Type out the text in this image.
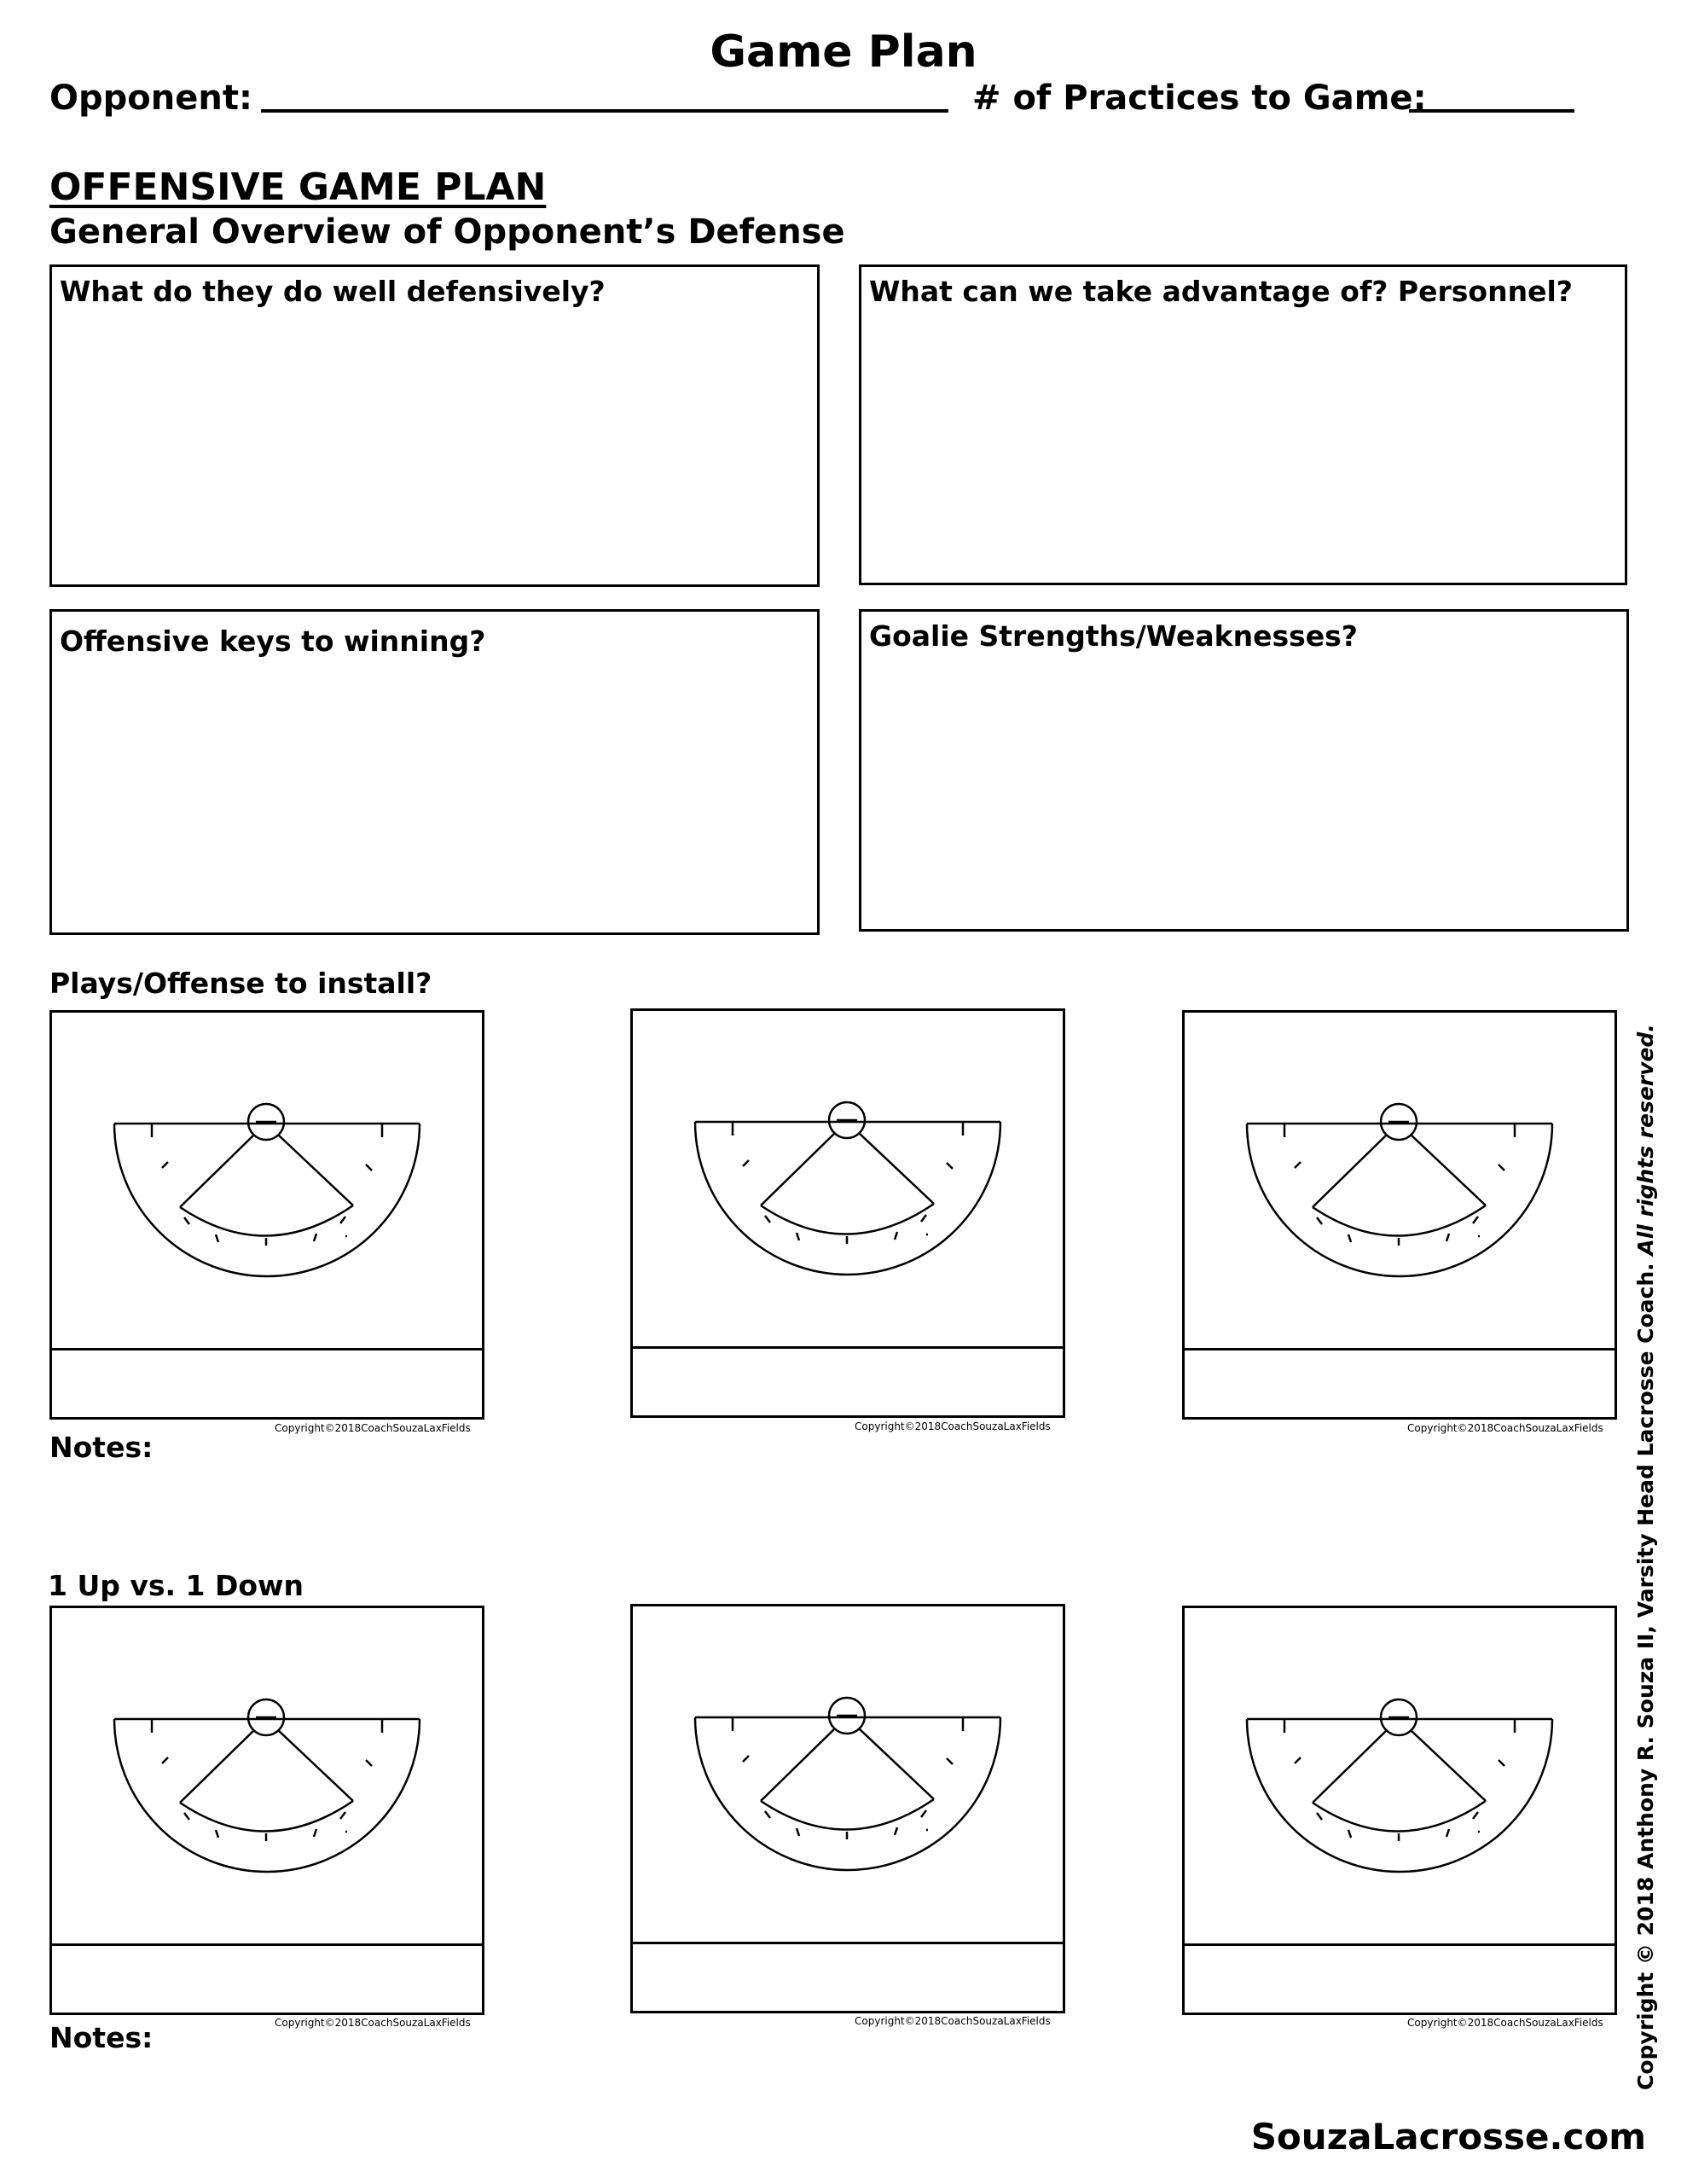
Game Plan
Opponent:	# of Practices to Game:
OFFENSIVE GAME PLAN
General Overview of Opponent’s Defense
What do they do well defensively?	What can we take advantage of? Personnel?
Offensive keys to winning?	Goalie Strengths/Weaknesses?
Plays/Offense to install?
Copyright©2018CoachSouzaLaxFields	Copyright©2018CoachSouzaLaxFields	Copyright©2018CoachSouzaLaxFields
Notes:
1 Up vs. 1 Down
Copyright©2018CoachSouzaLaxFields	Copyright©2018CoachSouzaLaxFields	Copyright©2018CoachSouzaLaxFields
Notes:	Copyright © 2018 Anthony R. Souza II, Varsity Head Lacrosse Coach. All rights reserved.
SouzaLacrosse.com
